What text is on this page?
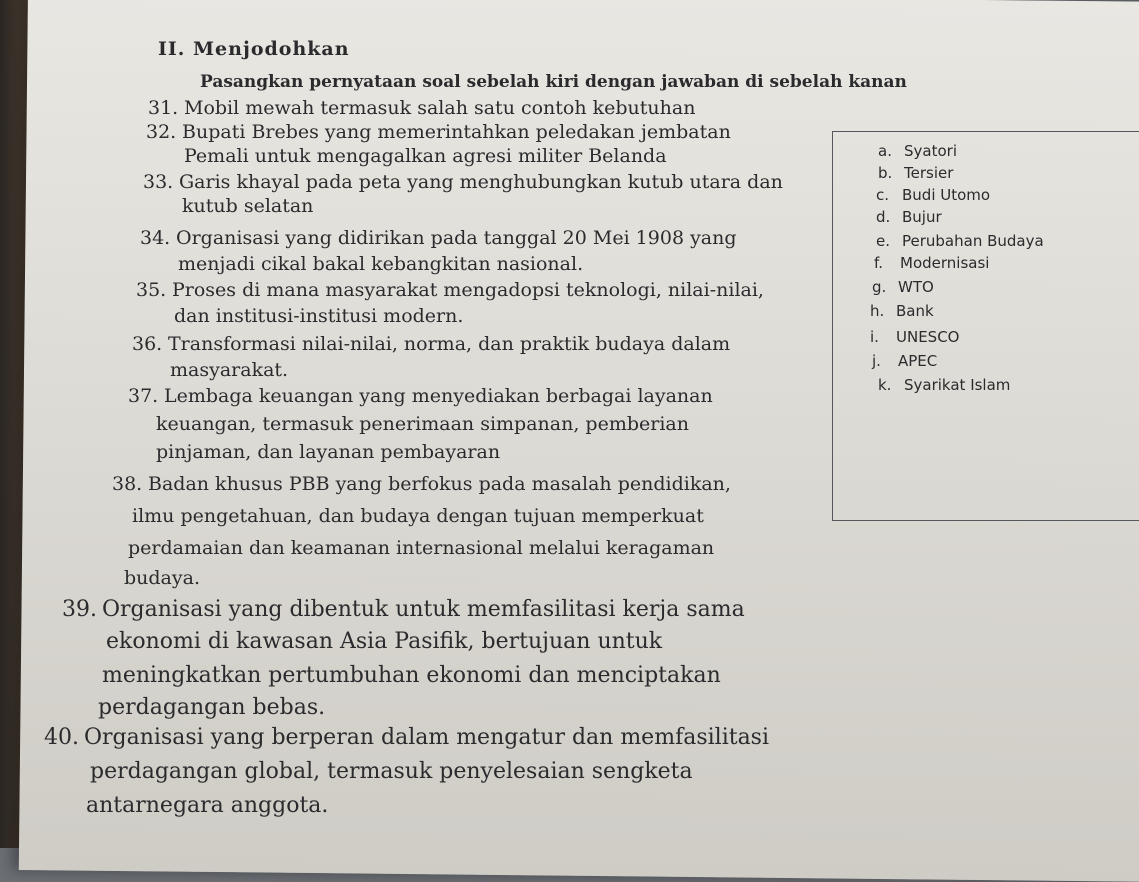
II. Menjodohkan
Pasangkan pernyataan soal sebelah kiri dengan jawaban di sebelah kanan
31. Mobil mewah termasuk salah satu contoh kebutuhan
32. Bupati Brebes yang memerintahkan peledakan jembatan
Pemali untuk mengagalkan agresi militer Belanda
33. Garis khayal pada peta yang menghubungkan kutub utara dan
kutub selatan
34. Organisasi yang didirikan pada tanggal 20 Mei 1908 yang
menjadi cikal bakal kebangkitan nasional.
35. Proses di mana masyarakat mengadopsi teknologi, nilai-nilai,
dan institusi-institusi modern.
36. Transformasi nilai-nilai, norma, dan praktik budaya dalam
masyarakat.
37. Lembaga keuangan yang menyediakan berbagai layanan
keuangan, termasuk penerimaan simpanan, pemberian
pinjaman, dan layanan pembayaran
38. Badan khusus PBB yang berfokus pada masalah pendidikan,
ilmu pengetahuan, dan budaya dengan tujuan memperkuat
perdamaian dan keamanan internasional melalui keragaman
budaya.
39. Organisasi yang dibentuk untuk memfasilitasi kerja sama
ekonomi di kawasan Asia Pasifik, bertujuan untuk
meningkatkan pertumbuhan ekonomi dan menciptakan
perdagangan bebas.
40. Organisasi yang berperan dalam mengatur dan memfasilitasi
perdagangan global, termasuk penyelesaian sengketa
antarnegara anggota.
a. Syatori
b. Tersier
c. Budi Utomo
d. Bujur
e. Perubahan Budaya
f. Modernisasi
g. WTO
h. Bank
i. UNESCO
j. APEC
k. Syarikat Islam
